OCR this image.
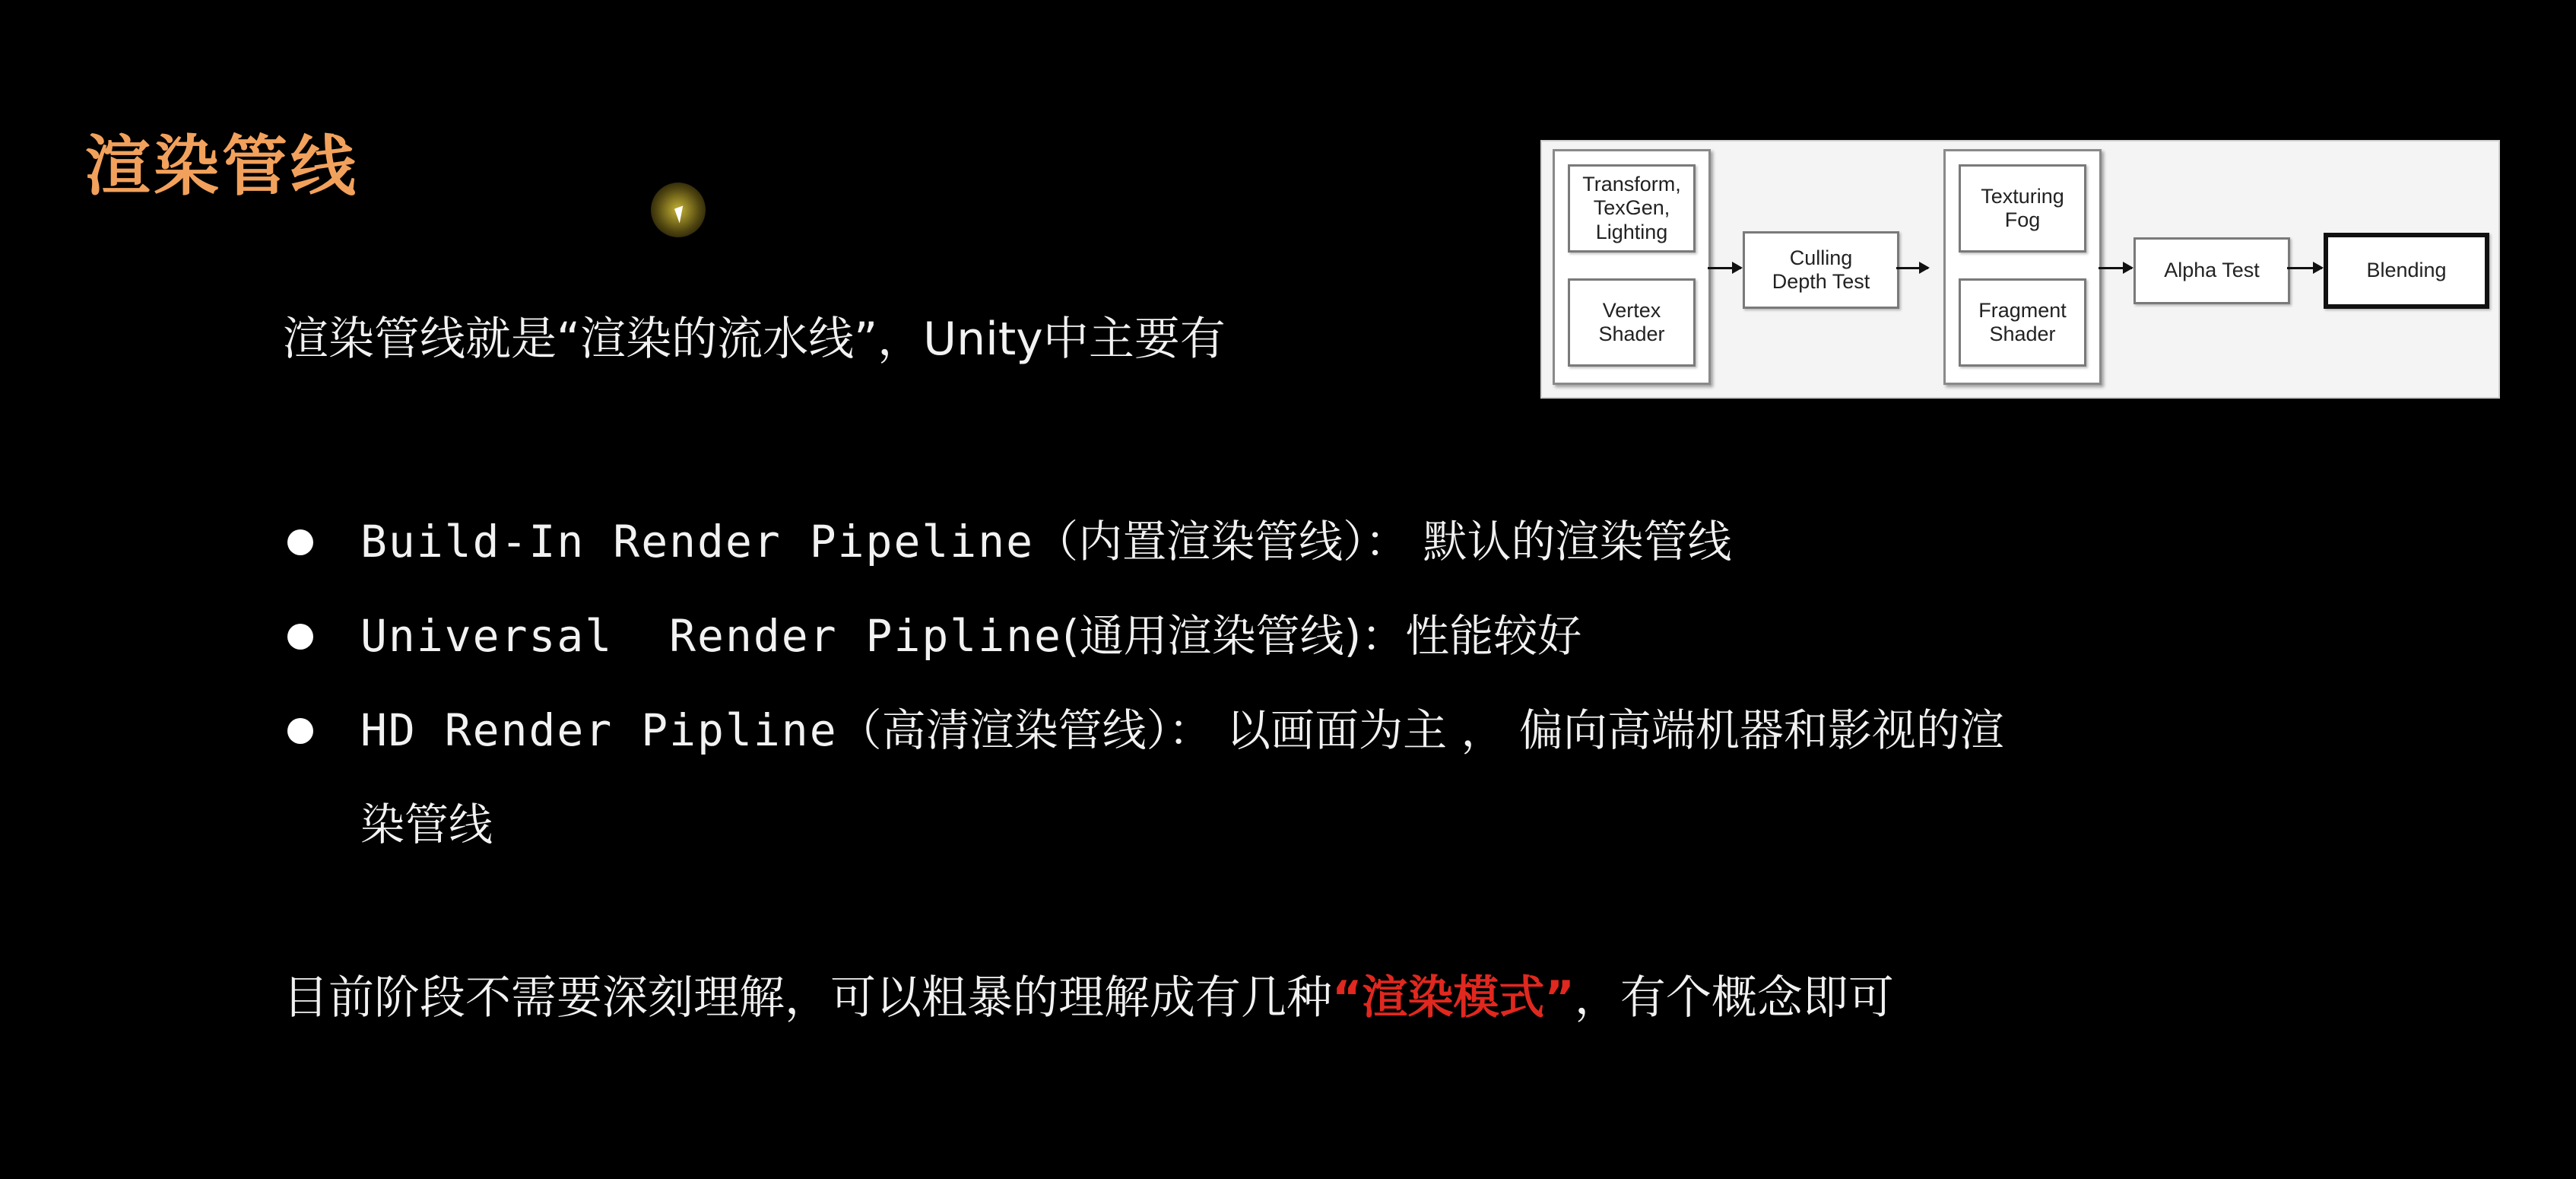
渲染管线
渲染管线就是“渲染的流水线”，Unity中主要有
Transform,
TexGen,
Lighting
Vertex
Shader
Culling
Depth Test
Texturing
Fog
Fragment
Shader
Alpha Test	Blending
Build-In Render Pipeline（内置渲染管线）： 默认的渲染管线
Universal  Render Pipline(通用渲染管线)：性能较好
HD Render Pipline（高清渲染管线）： 以画面为主 ， 偏向高端机器和影视的渲
染管线
目前阶段不需要深刻理解，可以粗暴的理解成有几种“渲染模式”，有个概念即可
